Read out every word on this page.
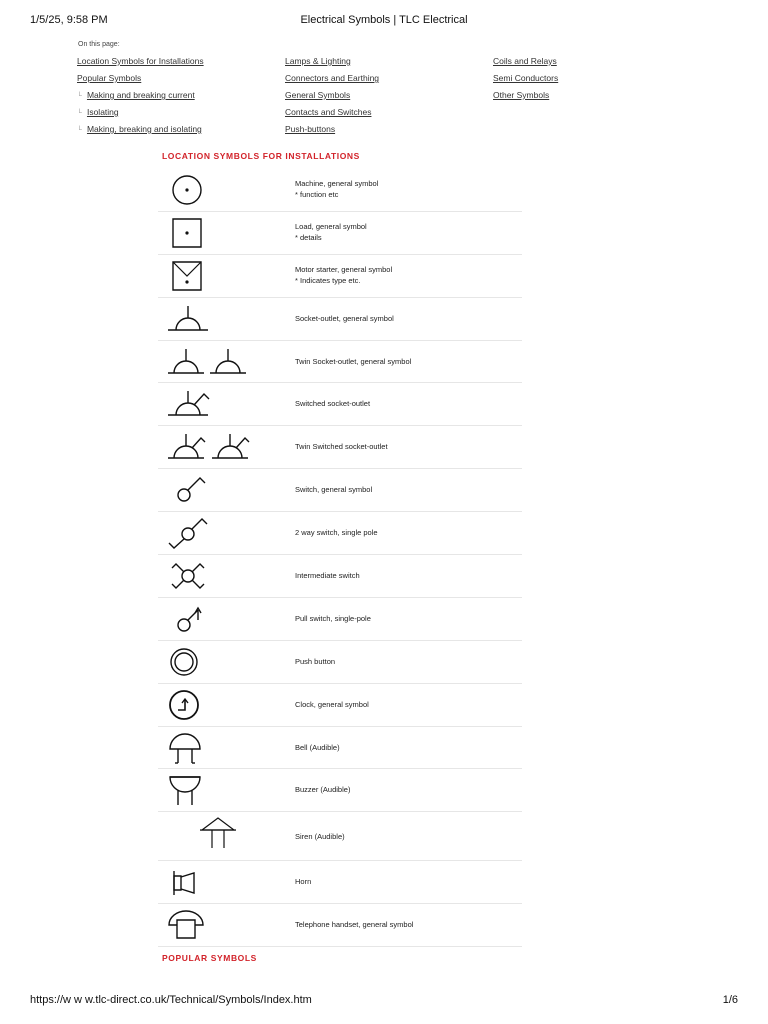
1/5/25, 9:58 PM	Electrical Symbols | TLC Electrical
On this page:
Location Symbols for Installations
Popular Symbols
└ Making and breaking current
└ Isolating
└ Making, breaking and isolating
Lamps & Lighting
Connectors and Earthing
General Symbols
Contacts and Switches
Push-buttons
Coils and Relays
Semi Conductors
Other Symbols
LOCATION SYMBOLS FOR INSTALLATIONS
Machine, general symbol
* function etc
Load, general symbol
* details
Motor starter, general symbol
* Indicates type etc.
Socket-outlet, general symbol
Twin Socket-outlet, general symbol
Switched socket-outlet
Twin Switched socket-outlet
Switch, general symbol
2 way switch, single pole
Intermediate switch
Pull switch, single-pole
Push button
Clock, general symbol
Bell (Audible)
Buzzer (Audible)
Siren (Audible)
Horn
Telephone handset, general symbol
POPULAR SYMBOLS
https://w w w.tlc-direct.co.uk/Technical/Symbols/Index.htm	1/6
